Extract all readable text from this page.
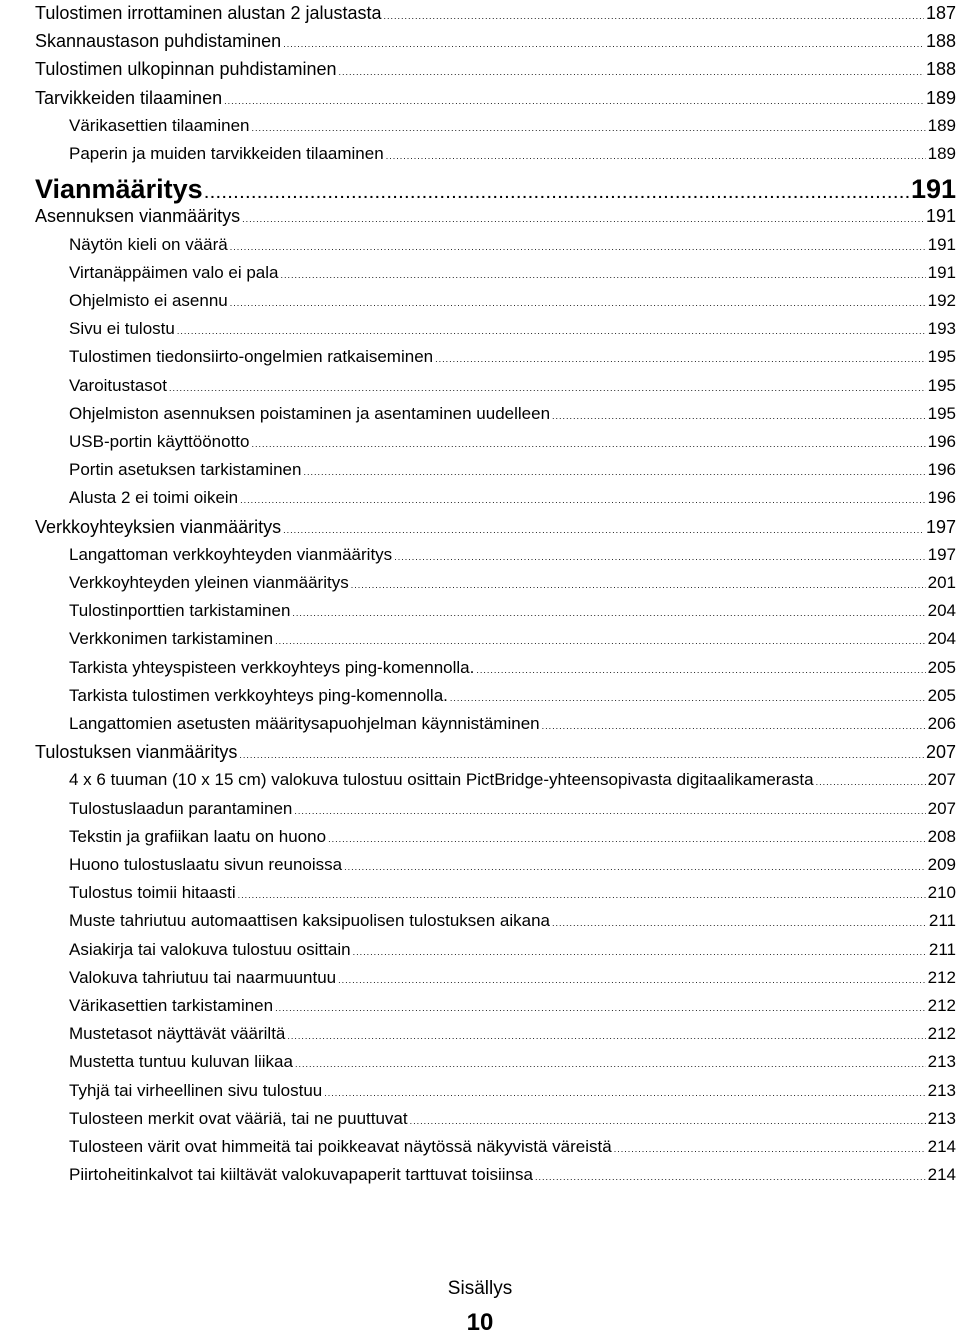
Tulostimen irrottaminen alustan 2 jalustasta .....	187
Skannaustason puhdistaminen .....	188
Tulostimen ulkopinnan puhdistaminen .....	188
Tarvikkeiden tilaaminen .....	189
Värikasettien tilaaminen .....	189
Paperin ja muiden tarvikkeiden tilaaminen .....	189
Vianmääritys .....	191
Asennuksen vianmääritys .....	191
Näytön kieli on väärä .....	191
Virtanäppäimen valo ei pala .....	191
Ohjelmisto ei asennu .....	192
Sivu ei tulostu .....	193
Tulostimen tiedonsiirto-ongelmien ratkaiseminen .....	195
Varoitustasot .....	195
Ohjelmiston asennuksen poistaminen ja asentaminen uudelleen .....	195
USB-portin käyttöönotto .....	196
Portin asetuksen tarkistaminen .....	196
Alusta 2 ei toimi oikein .....	196
Verkkoyhteyksien vianmääritys .....	197
Langattoman verkkoyhteyden vianmääritys .....	197
Verkkoyhteyden yleinen vianmääritys .....	201
Tulostinporttien tarkistaminen .....	204
Verkkonimen tarkistaminen .....	204
Tarkista yhteyspisteen verkkoyhteys ping-komennolla. .....	205
Tarkista tulostimen verkkoyhteys ping-komennolla. .....	205
Langattomien asetusten määritysapuohjelman käynnistäminen .....	206
Tulostuksen vianmääritys .....	207
4 x 6 tuuman (10 x 15 cm) valokuva tulostuu osittain PictBridge-yhteensopivasta digitaalikamerasta .....	207
Tulostuslaadun parantaminen .....	207
Tekstin ja grafiikan laatu on huono .....	208
Huono tulostuslaatu sivun reunoissa .....	209
Tulostus toimii hitaasti .....	210
Muste tahriutuu automaattisen kaksipuolisen tulostuksen aikana .....	211
Asiakirja tai valokuva tulostuu osittain .....	211
Valokuva tahriutuu tai naarmuuntuu .....	212
Värikasettien tarkistaminen .....	212
Mustetasot näyttävät vääriltä .....	212
Mustetta tuntuu kuluvan liikaa .....	213
Tyhjä tai virheellinen sivu tulostuu .....	213
Tulosteen merkit ovat vääriä, tai ne puuttuvat .....	213
Tulosteen värit ovat himmeitä tai poikkeavat näytössä näkyvistä väreistä .....	214
Piirtoheitinkalvot tai kiiltävät valokuvapaperit tarttuvat toisiinsa .....	214
Sisällys
10
